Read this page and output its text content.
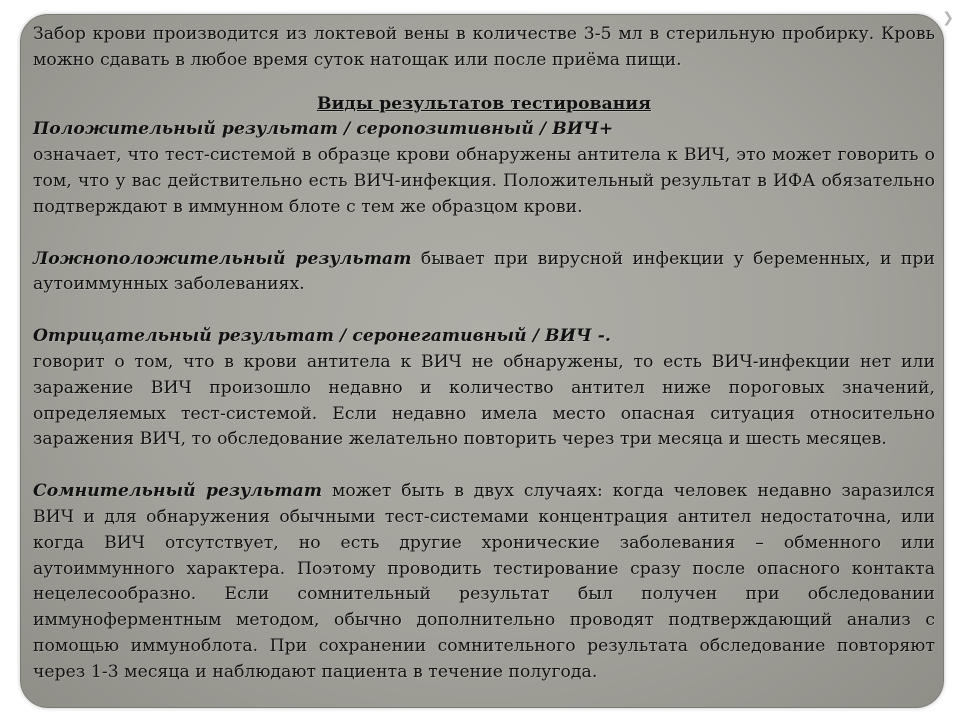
❯

Забор крови производится из локтевой вены в количестве 3-5 мл в стерильную пробирку. Кровь можно сдавать в любое время суток натощак или после приёма пищи.

Виды результатов тестирования

Положительный результат / серопозитивный / ВИЧ+
означает, что тест-системой в образце крови обнаружены антитела к ВИЧ, это может говорить о том, что у вас действительно есть ВИЧ-инфекция. Положительный результат в ИФА обязательно подтверждают в иммунном блоте с тем же образцом крови.

Ложноположительный результат бывает при вирусной инфекции у беременных, и при аутоиммунных заболеваниях.

Отрицательный результат / серонегативный / ВИЧ -.
говорит о том, что в крови антитела к ВИЧ не обнаружены, то есть ВИЧ-инфекции нет или заражение ВИЧ произошло недавно и количество антител ниже пороговых значений, определяемых тест-системой. Если недавно имела место опасная ситуация относительно заражения ВИЧ, то обследование желательно повторить через три месяца и шесть месяцев.

Сомнительный результат может быть в двух случаях: когда человек недавно заразился ВИЧ и для обнаружения обычными тест-системами концентрация антител недостаточна, или когда ВИЧ отсутствует, но есть другие хронические заболевания – обменного или аутоиммунного характера. Поэтому проводить тестирование сразу после опасного контакта нецелесообразно. Если сомнительный результат был получен при обследовании иммуноферментным методом, обычно дополнительно проводят подтверждающий анализ с помощью иммуноблота. При сохранении сомнительного результата обследование повторяют через 1-3 месяца и наблюдают пациента в течение полугода.
